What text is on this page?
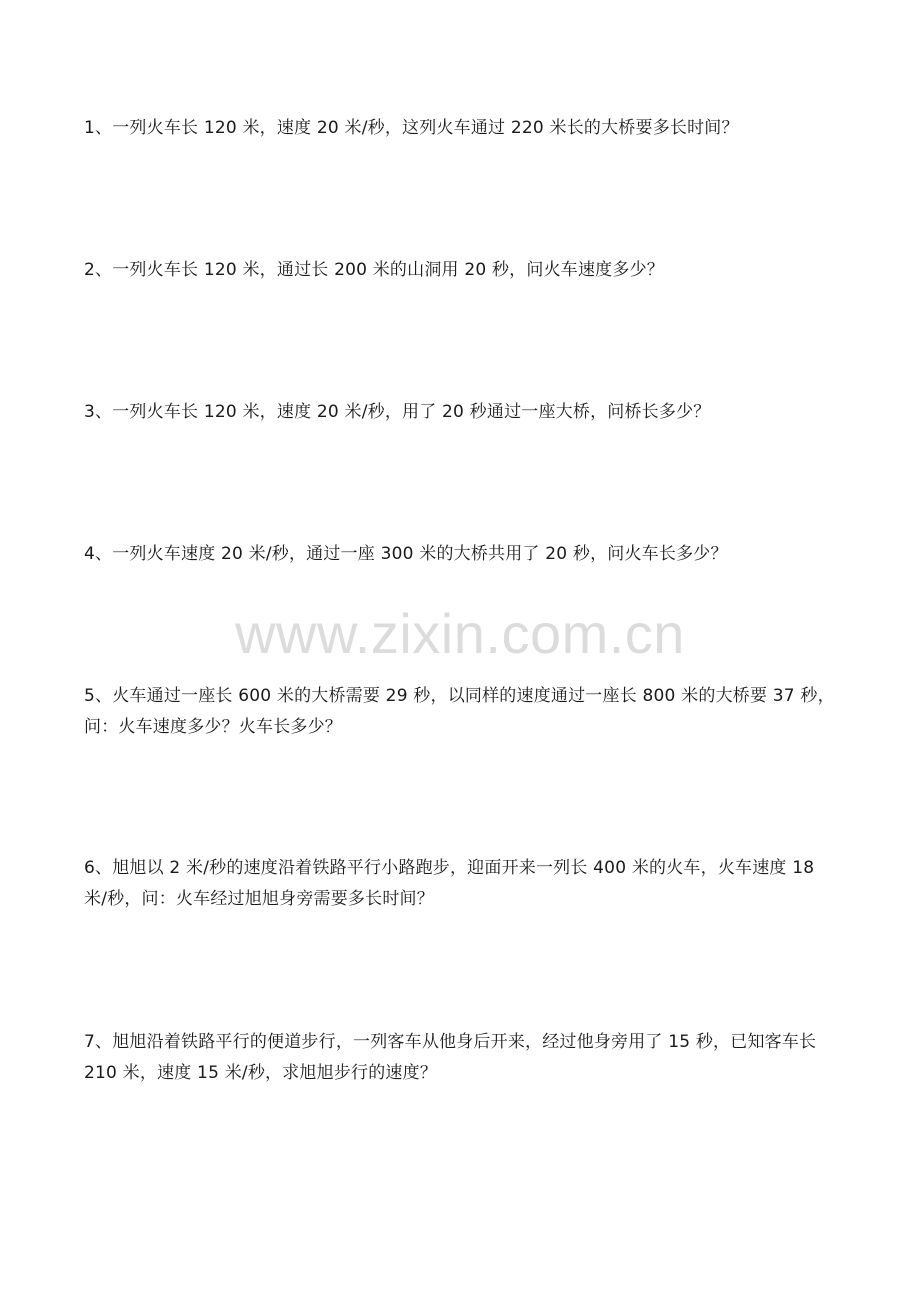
1、一列火车长 120 米，速度 20 米/秒，这列火车通过 220 米长的大桥要多长时间？
2、一列火车长 120 米，通过长 200 米的山洞用 20 秒，问火车速度多少？
3、一列火车长 120 米，速度 20 米/秒，用了 20 秒通过一座大桥，问桥长多少？
4、一列火车速度 20 米/秒，通过一座 300 米的大桥共用了 20 秒，问火车长多少？
www.zixin.com.cn
5、火车通过一座长 600 米的大桥需要 29 秒，以同样的速度通过一座长 800 米的大桥要 37 秒，问：火车速度多少？火车长多少？
6、旭旭以 2 米/秒的速度沿着铁路平行小路跑步，迎面开来一列长 400 米的火车，火车速度 18 米/秒，问：火车经过旭旭身旁需要多长时间？
7、旭旭沿着铁路平行的便道步行，一列客车从他身后开来，经过他身旁用了 15 秒，已知客车长 210 米，速度 15 米/秒，求旭旭步行的速度？
